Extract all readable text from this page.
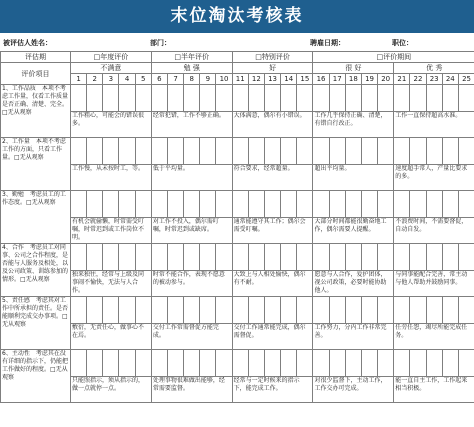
末位淘汰考核表
被评估人姓名：	部门：	聘雇日期：	职位：
评估期	□年度评价					□半年评价					□特别评价					□评价期间									
评价项目	不满意					勉 强					好					很 好					优 秀				
	1	2	3	4	5	6	7	8	9	10	11	12	13	14	15	16	17	18	19	20	21	22	23	24	25
1、工作品质　本项不考虑工作量，仅看工作质量是否正确、清楚、完全。□无从观察																									
	工作粗心，可能会的错误很多。					经常犯错，工作不够正确。					大体满意，偶尔有小错误。					工作几乎保持正确、清楚，有错自行改正。					工作一直保持超高水准。				
2、工作量　本项不考虑工作的方面，只看工作量。□无从观察																									
	工作慢，从未按时工，等。					低于平均量。					符合要求，经常超量。					超出平均量。					速度超手常人，产量比要求的多。				
3、勤勉　考虑员工的工作态度。□无从观察																									
	有机会就偷懒，时常需受叮嘱，时常迟到或工作岗位不明。					对工作不投入，偶尔需叮嘱，时常迟到或缺席。					通常能遵守其工作；偶尔会需受叮嘱。					大部分时间都能很勤奋地工作，偶尔需要人提醒。					不浪费时间，不需要督促，自动自发。				
4、合作　考虑员工对同事、公司之合作程度，是否能与人服务及相处，以及公司政策、训练参加的情形。□无从观察																									
	独来独往，经常与上级及同事闹不愉快，无法与人合作。					时常不能合作，表现不愿意的被动参与。					大致上与人相处愉快，偶尔有不耐。					愿意与人合作，爱护团体，视公司政策，必要时能协助他人。					与同事能配合完善，常主动与他人帮助并鼓励同事。				
5、责任感　考虑其对工作中所承担的责任。是否能顺利完成交办事项。□无从观察																									
	敷衍，无责任心，做事心不在焉。					交付工作常需督促方能完成。					交付工作通常能完成，偶尔需督促。					工作努力，分内工作非常完善。					任劳任怨，竭尽所能完成任务。				
6、主动性　考虑其在没有详细的指示下，仍能把工作做好的程度。□无从观察																									
	只能照指示，须从指示的，做一点就停一点。					处理事物很难做出能够，经常需要监督。					经常与一定时候来的指示下，能完成工作。					对很少监督下，主动工作，工作交办可完成。					能一直自主工作，工作起来相当积极。				
